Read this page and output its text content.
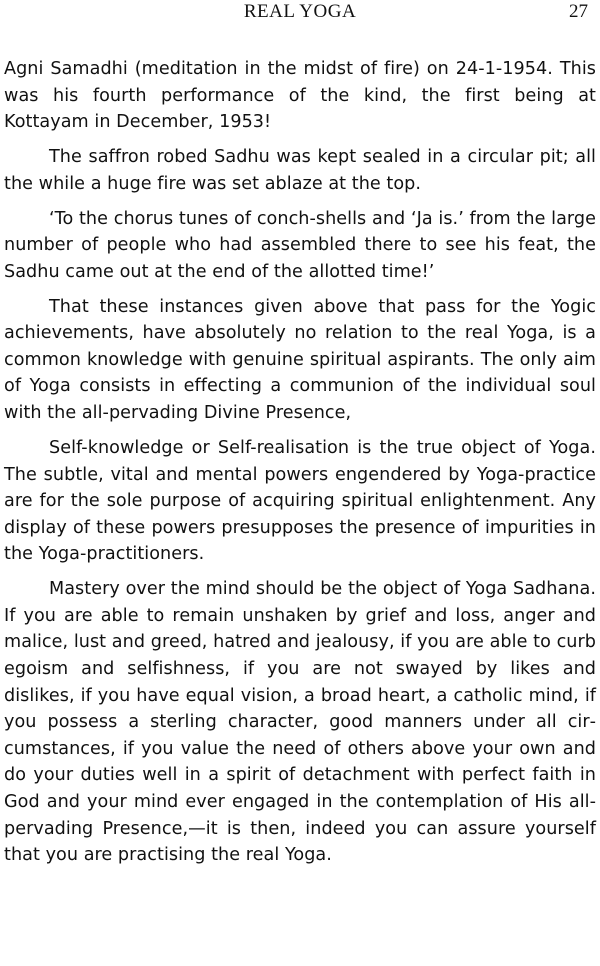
REAL YOGA	27

Agni Samadhi (meditation in the midst of fire) on 24-1-1954. This was his fourth performance of the kind, the first being at Kottayam in December, 1953!

The saffron robed Sadhu was kept sealed in a circular pit; all the while a huge fire was set ablaze at the top.

‘To the chorus tunes of conch-shells and ‘Ja is.’ from the large number of people who had assembled there to see his feat, the Sadhu came out at the end of the allotted time!’

That these instances given above that pass for the Yogic achievements, have absolutely no relation to the real Yoga, is a common knowledge with genuine spiritual aspirants. The only aim of Yoga consists in effecting a communion of the individual soul with the all-pervading Divine Presence,

Self-knowledge or Self-realisation is the true object of Yoga. The subtle, vital and mental powers engendered by Yoga-practice are for the sole purpose of acquiring spiritual enlightenment. Any display of these powers presupposes the presence of impurities in the Yoga-practitioners.

Mastery over the mind should be the object of Yoga Sadhana. If you are able to remain unshaken by grief and loss, anger and malice, lust and greed, hatred and jealousy, if you are able to curb egoism and selfishness, if you are not swayed by likes and dislikes, if you have equal vision, a broad heart, a catholic mind, if you possess a sterling character, good manners under all circumstances, if you value the need of others above your own and do your duties well in a spirit of detachment with perfect faith in God and your mind ever engaged in the contemplation of His all-pervading Presence,—it is then, indeed you can assure yourself that you are practising the real Yoga.
